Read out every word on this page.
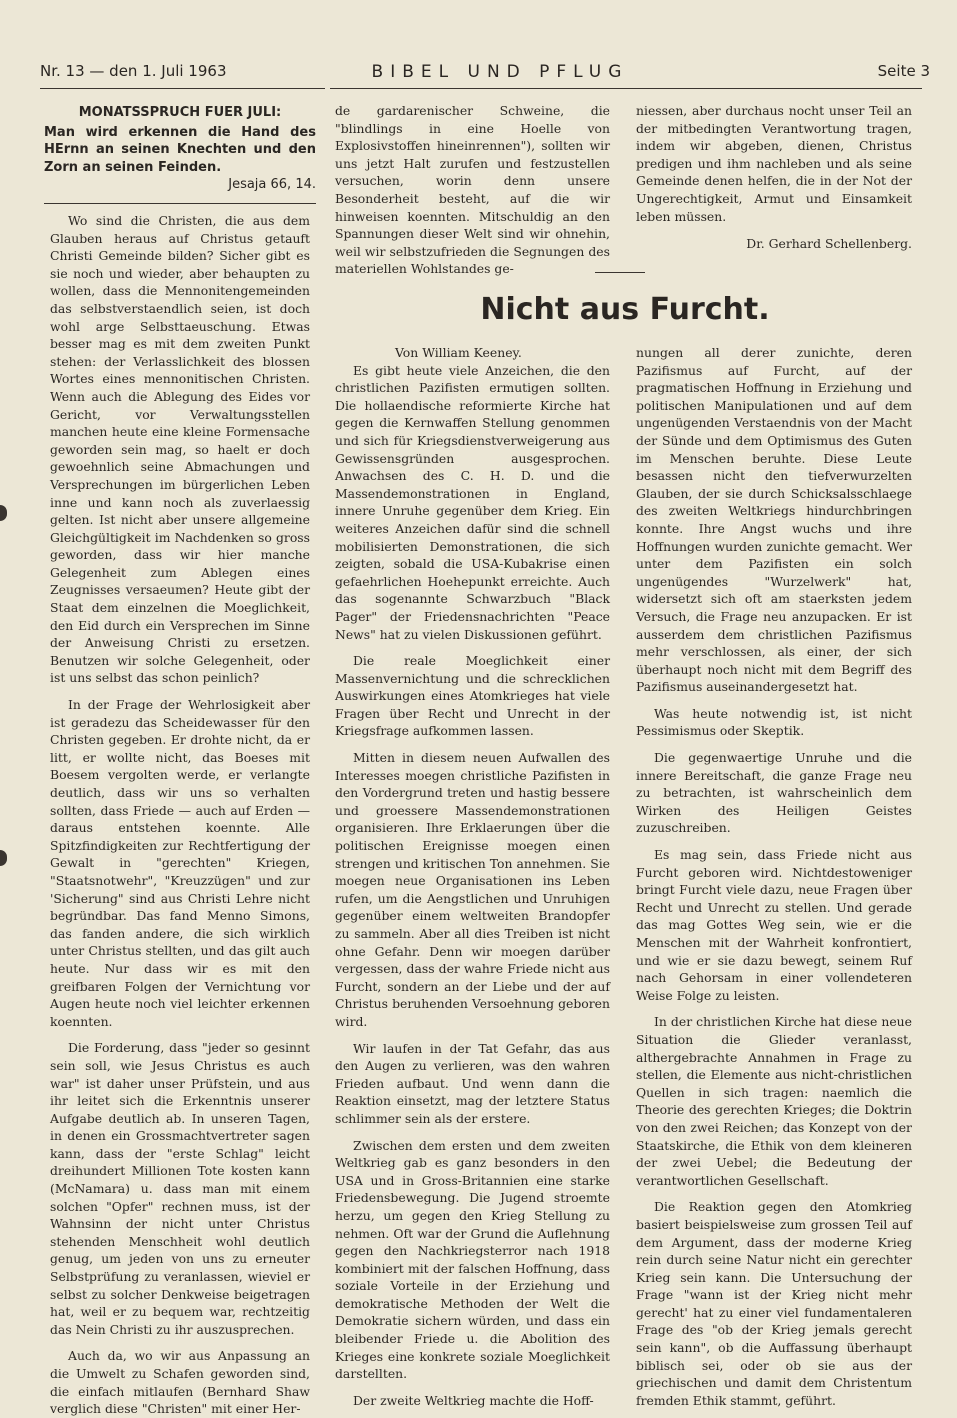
Nr. 13 — den 1. Juli 1963	BIBEL UND PFLUG	Seite 3
MONATSSPRUCH FUER JULI:
Man wird erkennen die Hand des HErnn an seinen Knechten und den Zorn an seinen Feinden.
Jesaja 66, 14.

Wo sind die Christen, die aus dem Glauben heraus auf Christus getauft Christi Gemeinde bilden? Sicher gibt es sie noch und wieder, aber behaupten zu wollen, dass die Mennonitengemeinden das selbstverstaendlich seien, ist doch wohl arge Selbsttaeuschung. Etwas besser mag es mit dem zweiten Punkt stehen: der Verlasslichkeit des blossen Wortes eines mennonitischen Christen. Wenn auch die Ablegung des Eides vor Gericht, vor Verwaltungsstellen manchen heute eine kleine Formensache geworden sein mag, so haelt er doch gewoehnlich seine Abmachungen und Versprechungen im bürgerlichen Leben inne und kann noch als zuverlaessig gelten. Ist nicht aber unsere allgemeine Gleichgültigkeit im Nachdenken so gross geworden, dass wir hier manche Gelegenheit zum Ablegen eines Zeugnisses versaeumen? Heute gibt der Staat dem einzelnen die Moeglichkeit, den Eid durch ein Versprechen im Sinne der Anweisung Christi zu ersetzen. Benutzen wir solche Gelegenheit, oder ist uns selbst das schon peinlich?

In der Frage der Wehrlosigkeit aber ist geradezu das Scheidewasser für den Christen gegeben. Er drohte nicht, da er litt, er wollte nicht, das Boeses mit Boesem vergolten werde, er verlangte deutlich, dass wir uns so verhalten sollten, dass Friede — auch auf Erden — daraus entstehen koennte. Alle Spitzfindigkeiten zur Rechtfertigung der Gewalt in "gerechten" Kriegen, "Staatsnotwehr", "Kreuzzügen" und zur 'Sicherung" sind aus Christi Lehre nicht begründbar. Das fand Menno Simons, das fanden andere, die sich wirklich unter Christus stellten, und das gilt auch heute. Nur dass wir es mit den greifbaren Folgen der Vernichtung vor Augen heute noch viel leichter erkennen koennten.

Die Forderung, dass "jeder so gesinnt sein soll, wie Jesus Christus es auch war" ist daher unser Prüfstein, und aus ihr leitet sich die Erkenntnis unserer Aufgabe deutlich ab. In unseren Tagen, in denen ein Grossmachtvertreter sagen kann, dass der "erste Schlag" leicht dreihundert Millionen Tote kosten kann (McNamara) u. dass man mit einem solchen "Opfer" rechnen muss, ist der Wahnsinn der nicht unter Christus stehenden Menschheit wohl deutlich genug, um jeden von uns zu erneuter Selbstprüfung zu veranlassen, wieviel er selbst zu solcher Denkweise beigetragen hat, weil er zu bequem war, rechtzeitig das Nein Christi zu ihr auszusprechen.

Auch da, wo wir aus Anpassung an die Umwelt zu Schafen geworden sind, die einfach mitlaufen (Bernhard Shaw verglich diese "Christen" mit einer Her-

de gardarenischer Schweine, die "blindlings in eine Hoelle von Explosivstoffen hineinrennen"), sollten wir uns jetzt Halt zurufen und festzustellen versuchen, worin denn unsere Besonderheit besteht, auf die wir hinweisen koennten. Mitschuldig an den Spannungen dieser Welt sind wir ohnehin, weil wir selbstzufrieden die Segnungen des materiellen Wohlstandes ge-

niessen, aber durchaus nocht unser Teil an der mitbedingten Verantwortung tragen, indem wir abgeben, dienen, Christus predigen und ihm nachleben und als seine Gemeinde denen helfen, die in der Not der Ungerechtigkeit, Armut und Einsamkeit leben müssen.

Dr. Gerhard Schellenberg.
Nicht aus Furcht.

Von William Keeney.

Es gibt heute viele Anzeichen, die den christlichen Pazifisten ermutigen sollten. Die hollaendische reformierte Kirche hat gegen die Kernwaffen Stellung genommen und sich für Kriegsdienstverweigerung aus Gewissensgründen ausgesprochen. Anwachsen des C. H. D. und die Massendemonstrationen in England, innere Unruhe gegenüber dem Krieg. Ein weiteres Anzeichen dafür sind die schnell mobilisierten Demonstrationen, die sich zeigten, sobald die USA-Kubakrise einen gefaehrlichen Hoehepunkt erreichte. Auch das sogenannte Schwarzbuch "Black Pager" der Friedensnachrichten "Peace News" hat zu vielen Diskussionen geführt.

Die reale Moeglichkeit einer Massenvernichtung und die schrecklichen Auswirkungen eines Atomkrieges hat viele Fragen über Recht und Unrecht in der Kriegsfrage aufkommen lassen.

Mitten in diesem neuen Aufwallen des Interesses moegen christliche Pazifisten in den Vordergrund treten und hastig bessere und groessere Massendemonstrationen organisieren. Ihre Erklaerungen über die politischen Ereignisse moegen einen strengen und kritischen Ton annehmen. Sie moegen neue Organisationen ins Leben rufen, um die Aengstlichen und Unruhigen gegenüber einem weltweiten Brandopfer zu sammeln. Aber all dies Treiben ist nicht ohne Gefahr. Denn wir moegen darüber vergessen, dass der wahre Friede nicht aus Furcht, sondern an der Liebe und der auf Christus beruhenden Versoehnung geboren wird.

Wir laufen in der Tat Gefahr, das aus den Augen zu verlieren, was den wahren Frieden aufbaut. Und wenn dann die Reaktion einsetzt, mag der letztere Status schlimmer sein als der erstere.

Zwischen dem ersten und dem zweiten Weltkrieg gab es ganz besonders in den USA und in Gross-Britannien eine starke Friedensbewegung. Die Jugend stroemte herzu, um gegen den Krieg Stellung zu nehmen. Oft war der Grund die Auflehnung gegen den Nachkriegsterror nach 1918 kombiniert mit der falschen Hoffnung, dass soziale Vorteile in der Erziehung und demokratische Methoden der Welt die Demokratie sichern würden, und dass ein bleibender Friede u. die Abolition des Krieges eine konkrete soziale Moeglichkeit darstellten.

Der zweite Weltkrieg machte die Hoff-

nungen all derer zunichte, deren Pazifismus auf Furcht, auf der pragmatischen Hoffnung in Erziehung und politischen Manipulationen und auf dem ungenügenden Verstaendnis von der Macht der Sünde und dem Optimismus des Guten im Menschen beruhte. Diese Leute besassen nicht den tiefverwurzelten Glauben, der sie durch Schicksalsschlaege des zweiten Weltkriegs hindurchbringen konnte. Ihre Angst wuchs und ihre Hoffnungen wurden zunichte gemacht. Wer unter dem Pazifisten ein solch ungenügendes "Wurzelwerk" hat, widersetzt sich oft am staerksten jedem Versuch, die Frage neu anzupacken. Er ist ausserdem dem christlichen Pazifismus mehr verschlossen, als einer, der sich überhaupt noch nicht mit dem Begriff des Pazifismus auseinandergesetzt hat.

Was heute notwendig ist, ist nicht Pessimismus oder Skeptik.

Die gegenwaertige Unruhe und die innere Bereitschaft, die ganze Frage neu zu betrachten, ist wahrscheinlich dem Wirken des Heiligen Geistes zuzuschreiben.

Es mag sein, dass Friede nicht aus Furcht geboren wird. Nichtdestoweniger bringt Furcht viele dazu, neue Fragen über Recht und Unrecht zu stellen. Und gerade das mag Gottes Weg sein, wie er die Menschen mit der Wahrheit konfrontiert, und wie er sie dazu bewegt, seinem Ruf nach Gehorsam in einer vollendeteren Weise Folge zu leisten.

In der christlichen Kirche hat diese neue Situation die Glieder veranlasst, althergebrachte Annahmen in Frage zu stellen, die Elemente aus nicht-christlichen Quellen in sich tragen: naemlich die Theorie des gerechten Krieges; die Doktrin von den zwei Reichen; das Konzept von der Staatskirche, die Ethik von dem kleineren der zwei Uebel; die Bedeutung der verantwortlichen Gesellschaft.

Die Reaktion gegen den Atomkrieg basiert beispielsweise zum grossen Teil auf dem Argument, dass der moderne Krieg rein durch seine Natur nicht ein gerechter Krieg sein kann. Die Untersuchung der Frage "wann ist der Krieg nicht mehr gerecht' hat zu einer viel fundamentaleren Frage des "ob der Krieg jemals gerecht sein kann", ob die Auffassung überhaupt biblisch sei, oder ob sie aus der griechischen und damit dem Christentum fremden Ethik stammt, geführt.
